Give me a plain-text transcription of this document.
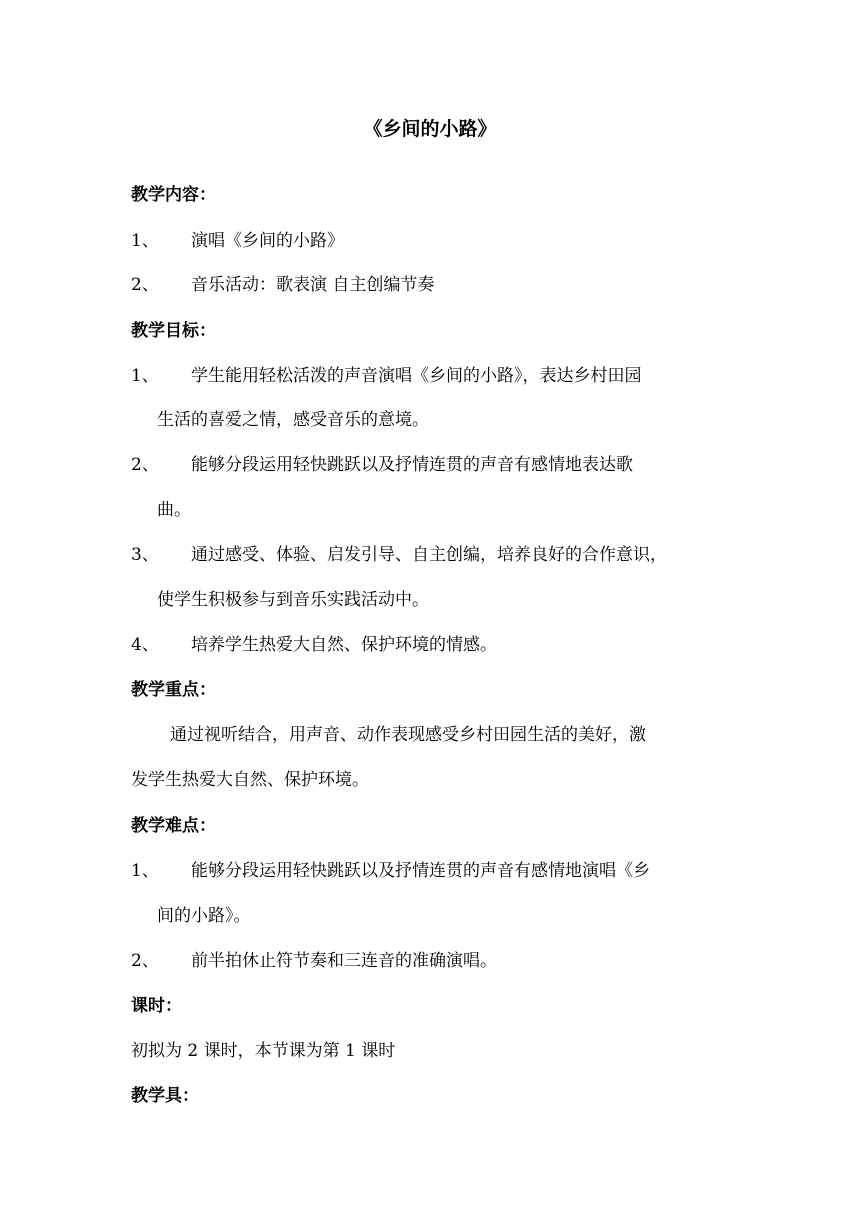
《乡间的小路》
教学内容：
1、 演唱《乡间的小路》
2、 音乐活动：歌表演 自主创编节奏
教学目标：
1、 学生能用轻松活泼的声音演唱《乡间的小路》，表达乡村田园
生活的喜爱之情，感受音乐的意境。
2、 能够分段运用轻快跳跃以及抒情连贯的声音有感情地表达歌
曲。
3、 通过感受、体验、启发引导、自主创编，培养良好的合作意识，
使学生积极参与到音乐实践活动中。
4、 培养学生热爱大自然、保护环境的情感。
教学重点：
通过视听结合，用声音、动作表现感受乡村田园生活的美好，激
发学生热爱大自然、保护环境。
教学难点：
1、 能够分段运用轻快跳跃以及抒情连贯的声音有感情地演唱《乡
间的小路》。
2、 前半拍休止符节奏和三连音的准确演唱。
课时：
初拟为 2 课时，本节课为第 1 课时
教学具：
